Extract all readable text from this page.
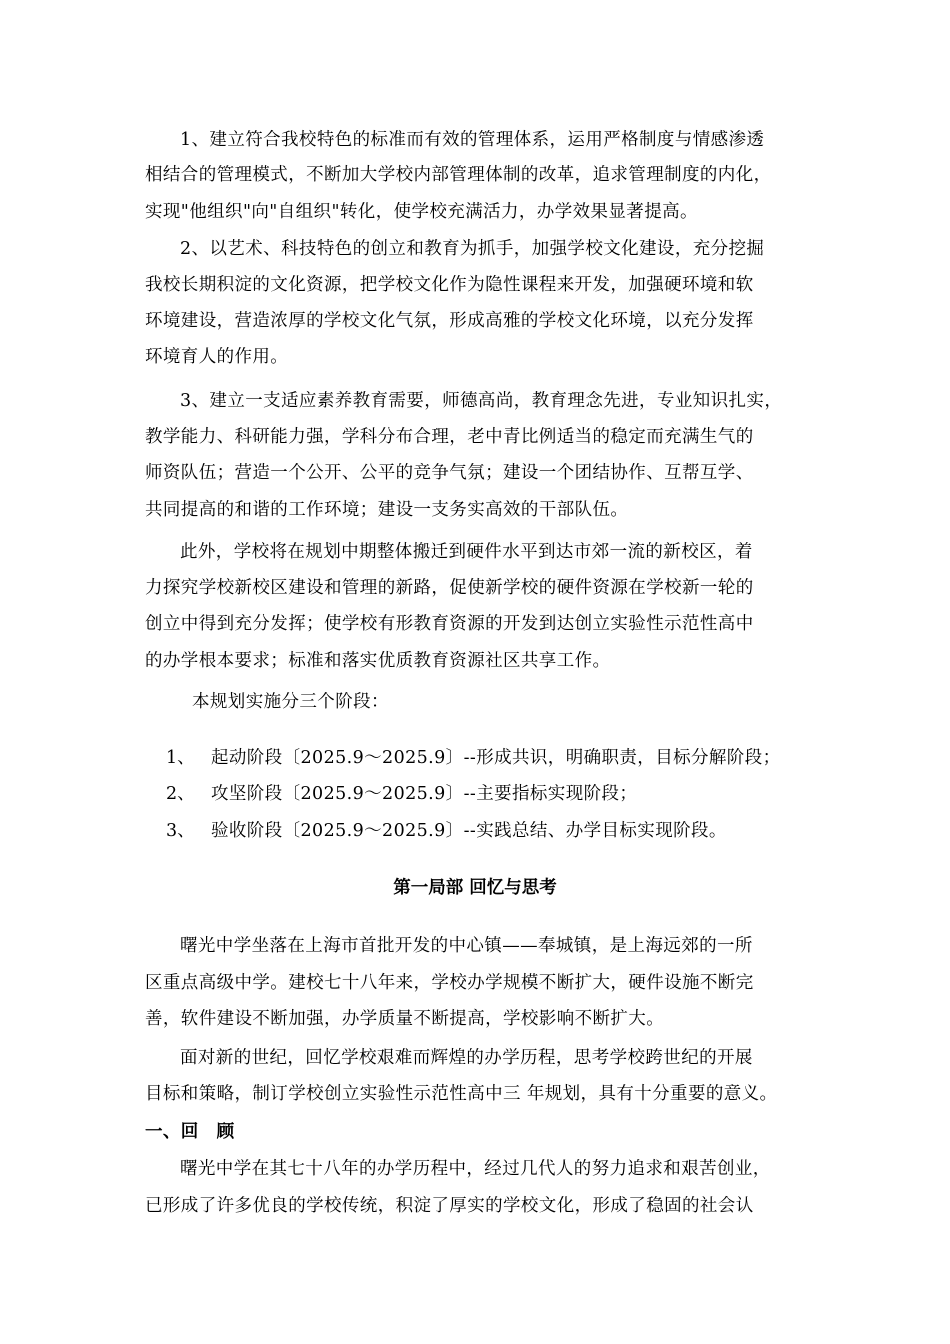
1、建立符合我校特色的标准而有效的管理体系，运用严格制度与情感渗透
相结合的管理模式，不断加大学校内部管理体制的改革，追求管理制度的内化，
实现"他组织"向"自组织"转化，使学校充满活力，办学效果显著提高。
2、以艺术、科技特色的创立和教育为抓手，加强学校文化建设，充分挖掘
我校长期积淀的文化资源，把学校文化作为隐性课程来开发，加强硬环境和软
环境建设，营造浓厚的学校文化气氛，形成高雅的学校文化环境，以充分发挥
环境育人的作用。
3、建立一支适应素养教育需要，师德高尚，教育理念先进，专业知识扎实，
教学能力、科研能力强，学科分布合理，老中青比例适当的稳定而充满生气的
师资队伍；营造一个公开、公平的竞争气氛；建设一个团结协作、互帮互学、
共同提高的和谐的工作环境；建设一支务实高效的干部队伍。
此外，学校将在规划中期整体搬迁到硬件水平到达市郊一流的新校区，着
力探究学校新校区建设和管理的新路，促使新学校的硬件资源在学校新一轮的
创立中得到充分发挥；使学校有形教育资源的开发到达创立实验性示范性高中
的办学根本要求；标准和落实优质教育资源社区共享工作。
本规划实施分三个阶段：
1、 起动阶段〔2025.9～2025.9〕--形成共识，明确职责，目标分解阶段；
2、 攻坚阶段〔2025.9～2025.9〕--主要指标实现阶段；
3、 验收阶段〔2025.9～2025.9〕--实践总结、办学目标实现阶段。
第一局部 回忆与思考
曙光中学坐落在上海市首批开发的中心镇——奉城镇，是上海远郊的一所
区重点高级中学。建校七十八年来，学校办学规模不断扩大，硬件设施不断完
善，软件建设不断加强，办学质量不断提高，学校影响不断扩大。
面对新的世纪，回忆学校艰难而辉煌的办学历程，思考学校跨世纪的开展
目标和策略，制订学校创立实验性示范性高中三 年规划，具有十分重要的意义。
一、回　顾
曙光中学在其七十八年的办学历程中，经过几代人的努力追求和艰苦创业，
已形成了许多优良的学校传统，积淀了厚实的学校文化，形成了稳固的社会认
